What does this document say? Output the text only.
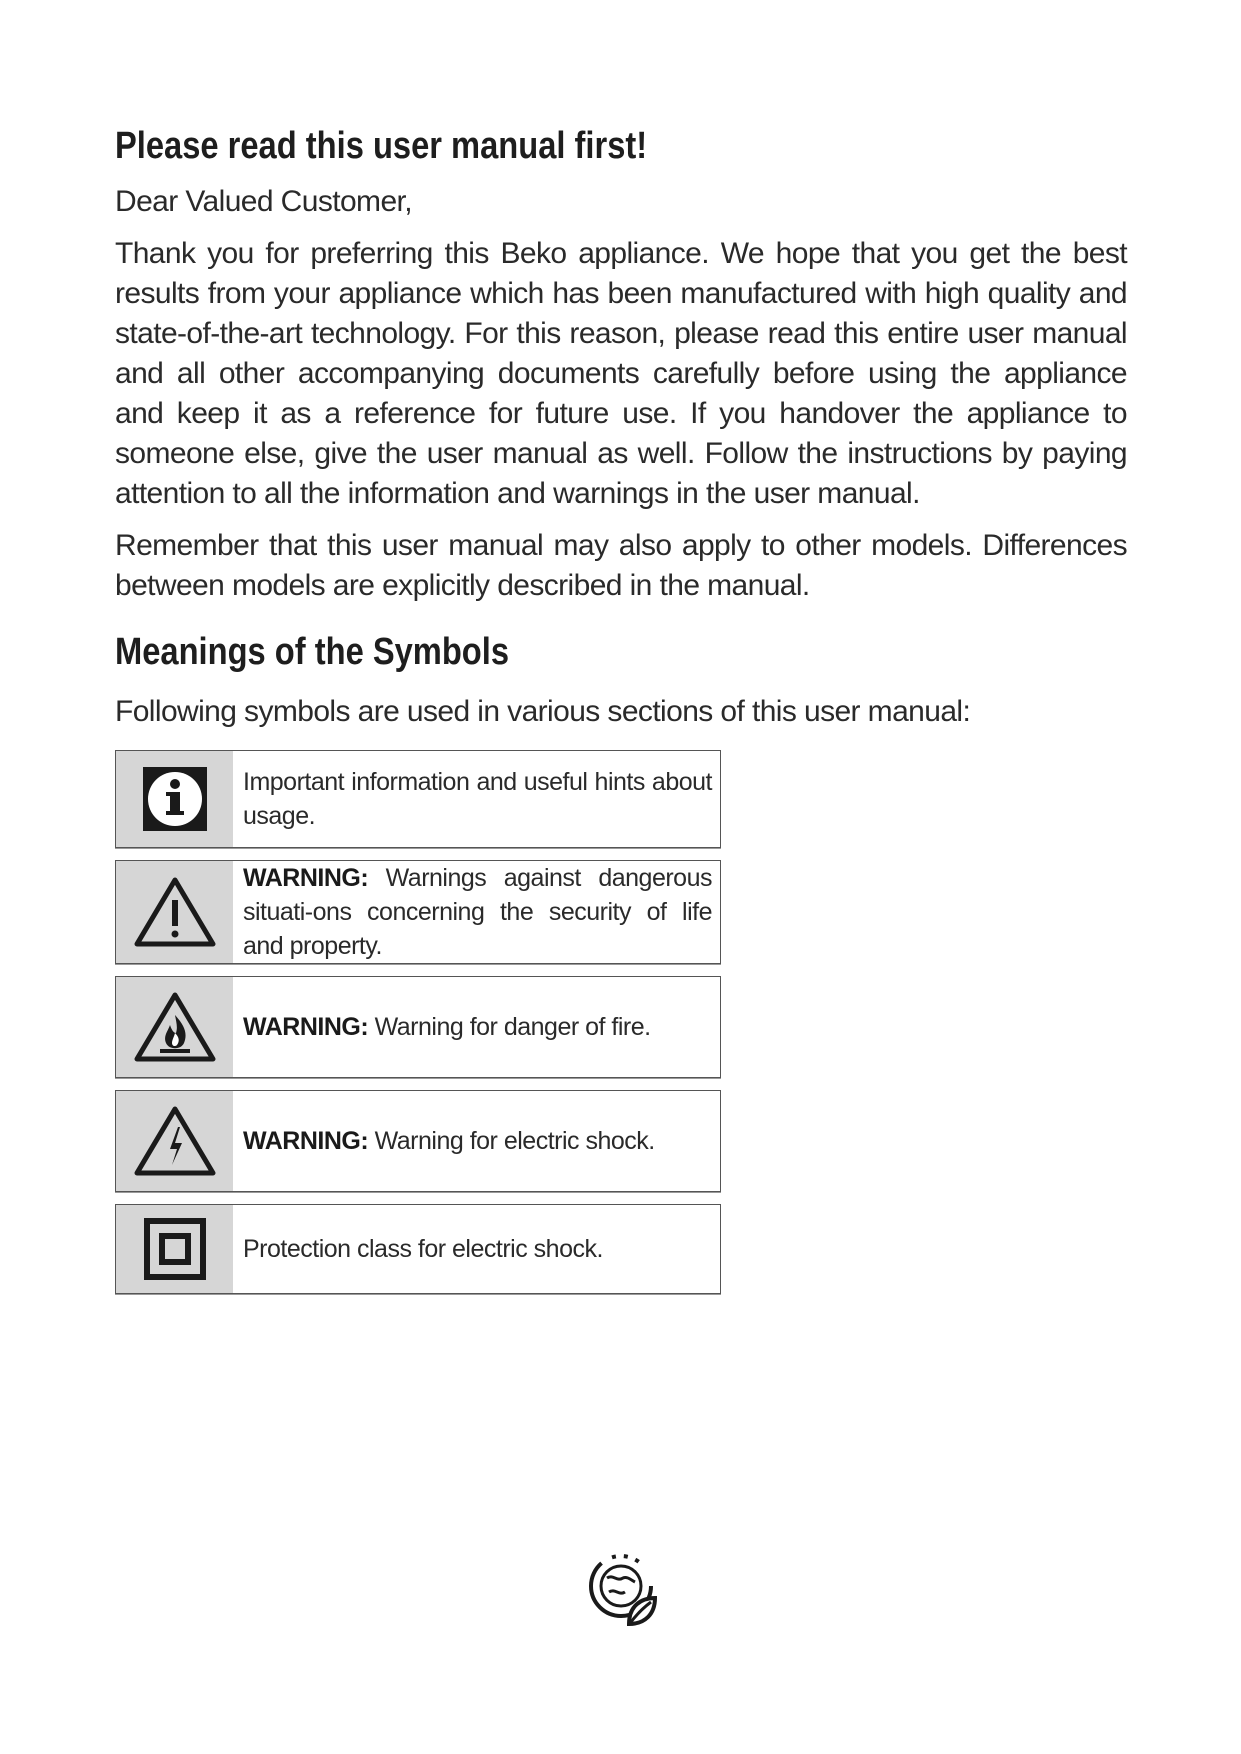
Please read this user manual first!

Dear Valued Customer,

Thank you for preferring this Beko appliance. We hope that you get the best results from your appliance which has been manufactured with high quality and state-of-the-art technology. For this reason, please read this entire user manual and all other accompanying documents carefully before using the appliance and keep it as a reference for future use. If you handover the appliance to someone else, give the user manual as well. Follow the instructions by paying attention to all the information and warnings in the user manual.

Remember that this user manual may also apply to other models. Differences between models are explicitly described in the manual.

Meanings of the Symbols

Following symbols are used in various sections of this user manual:

Important information and useful hints about usage.
WARNING: Warnings against dangerous situati-ons concerning the security of life and property.
WARNING: Warning for danger of fire.
WARNING: Warning for electric shock.
Protection class for electric shock.
